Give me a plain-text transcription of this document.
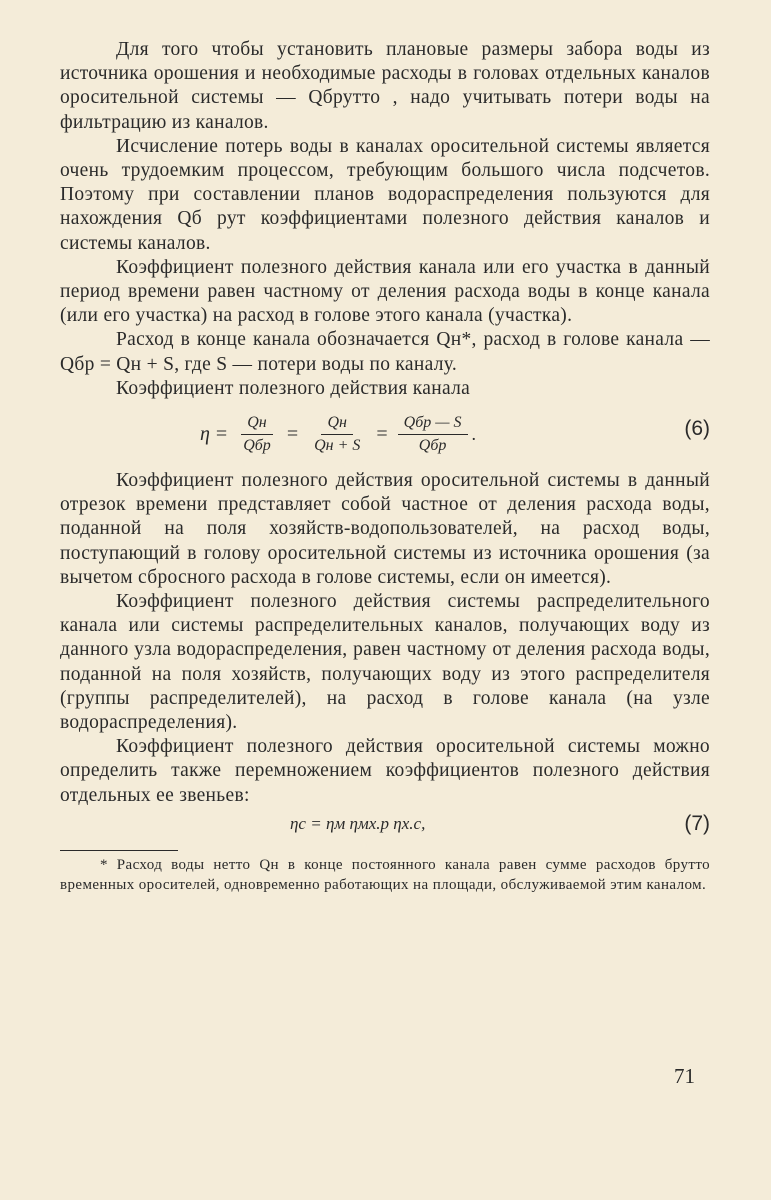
Для того чтобы установить плановые размеры забора воды из источника орошения и необходимые расходы в головах отдельных каналов оросительной системы — Qбрутто , надо учитывать потери воды на фильтрацию из каналов.

Исчисление потерь воды в каналах оросительной системы является очень трудоемким процессом, требующим большого числа подсчетов. Поэтому при составлении планов водораспределения пользуются для нахождения Qб рут коэффициентами полезного действия каналов и системы каналов.

Коэффициент полезного действия канала или его участка в данный период времени равен частному от деления расхода воды в конце канала (или его участка) на расход в голове этого канала (участка).

Расход в конце канала обозначается Qн*, расход в голове канала — Qбр = Qн + S, где S — потери воды по каналу.

Коэффициент полезного действия канала

$\eta = \frac{Qн}{\text{Qбр}} = \frac{Qн}{Qн + S} = \frac{\text{Qбр — S}}{\text{Qбр}}$ .	(6)

Коэффициент полезного действия оросительной системы в данный отрезок времени представляет собой частное от деления расхода воды, поданной на поля хозяйств-водопользователей, на расход воды, поступающий в голову оросительной системы из источника орошения (за вычетом сбросного расхода в голове системы, если он имеется).

Коэффициент полезного действия системы распределительного канала или системы распределительных каналов, получающих воду из данного узла водораспределения, равен частному от деления расхода воды, поданной на поля хозяйств, получающих воду из этого распределителя (группы распределителей), на расход в голове канала (на узле водораспределения).

Коэффициент полезного действия оросительной системы можно определить также перемножением коэффициентов полезного действия отдельных ее звеньев:

ηс = ηм ηмх.р ηх.с,	(7)

* Расход воды нетто Qн в конце постоянного канала равен сумме расходов брутто временных оросителей, одновременно работающих на площади, обслуживаемой этим каналом.

71
